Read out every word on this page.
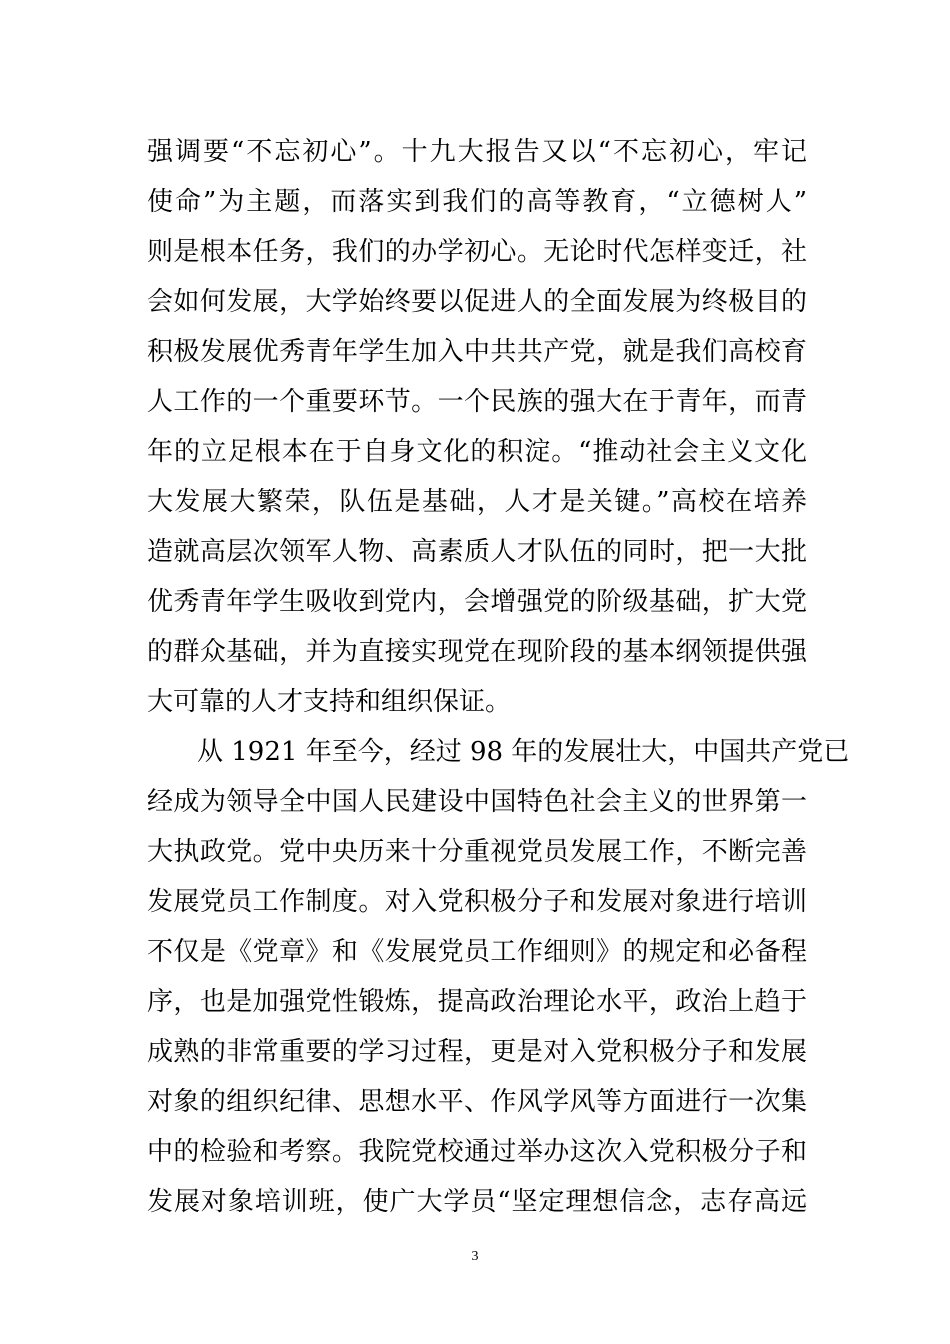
强调要“不忘初心”。十九大报告又以“不忘初心，牢记
使命”为主题，而落实到我们的高等教育，“立德树人”
则是根本任务，我们的办学初心。无论时代怎样变迁，社
会如何发展，大学始终要以促进人的全面发展为终极目的
积极发展优秀青年学生加入中共共产党，就是我们高校育
人工作的一个重要环节。一个民族的强大在于青年，而青
年的立足根本在于自身文化的积淀。“推动社会主义文化
大发展大繁荣，队伍是基础，人才是关键。”高校在培养
造就高层次领军人物、高素质人才队伍的同时，把一大批
优秀青年学生吸收到党内，会增强党的阶级基础，扩大党
的群众基础，并为直接实现党在现阶段的基本纲领提供强
大可靠的人才支持和组织保证。
从 1921 年至今，经过 98 年的发展壮大，中国共产党已
经成为领导全中国人民建设中国特色社会主义的世界第一
大执政党。党中央历来十分重视党员发展工作，不断完善
发展党员工作制度。对入党积极分子和发展对象进行培训
不仅是《党章》和《发展党员工作细则》的规定和必备程
序，也是加强党性锻炼，提高政治理论水平，政治上趋于
成熟的非常重要的学习过程，更是对入党积极分子和发展
对象的组织纪律、思想水平、作风学风等方面进行一次集
中的检验和考察。我院党校通过举办这次入党积极分子和
发展对象培训班，使广大学员“坚定理想信念，志存高远
3
